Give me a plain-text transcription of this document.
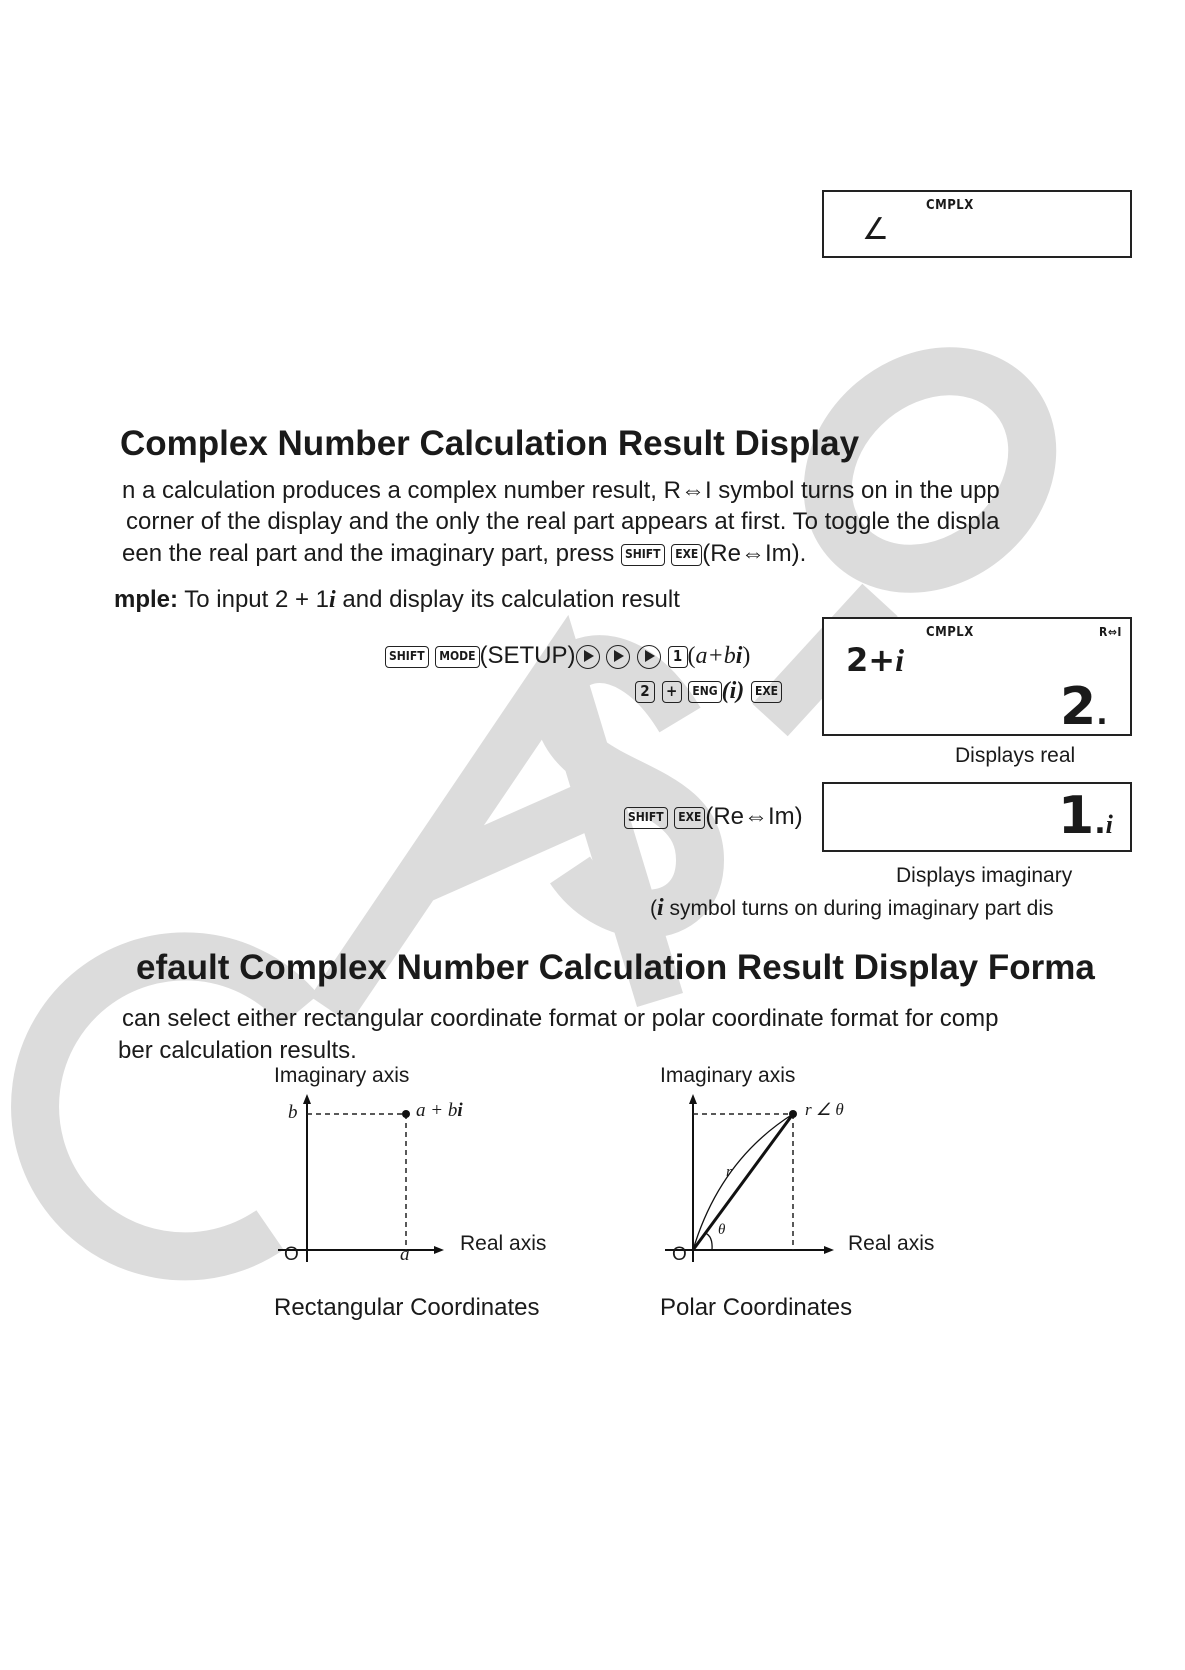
CMPLX
∠
Complex Number Calculation Result Display
n a calculation produces a complex number result, R⇔I symbol turns on in the upp
corner of the display and the only the real part appears at first. To toggle the displa
een the real part and the imaginary part, press SHIFT EXE (Re⇔Im).
mple: To input 2 + 1i and display its calculation result
SHIFT MODE (SETUP)	1 (a+bi)
2 + ENG (i) EXE
CMPLX	R⇔I
2+i
2.
Displays real
SHIFT EXE (Re⇔Im)	1.i
Displays imaginary
(i symbol turns on during imaginary part dis
efault Complex Number Calculation Result Display Forma
can select either rectangular coordinate format or polar coordinate format for comp
ber calculation results.
Imaginary axis
b	a + bi
O	a Real axis
Rectangular Coordinates
Imaginary axis
r ∠ θ
r
θ
O	Real axis
Polar Coordinates
